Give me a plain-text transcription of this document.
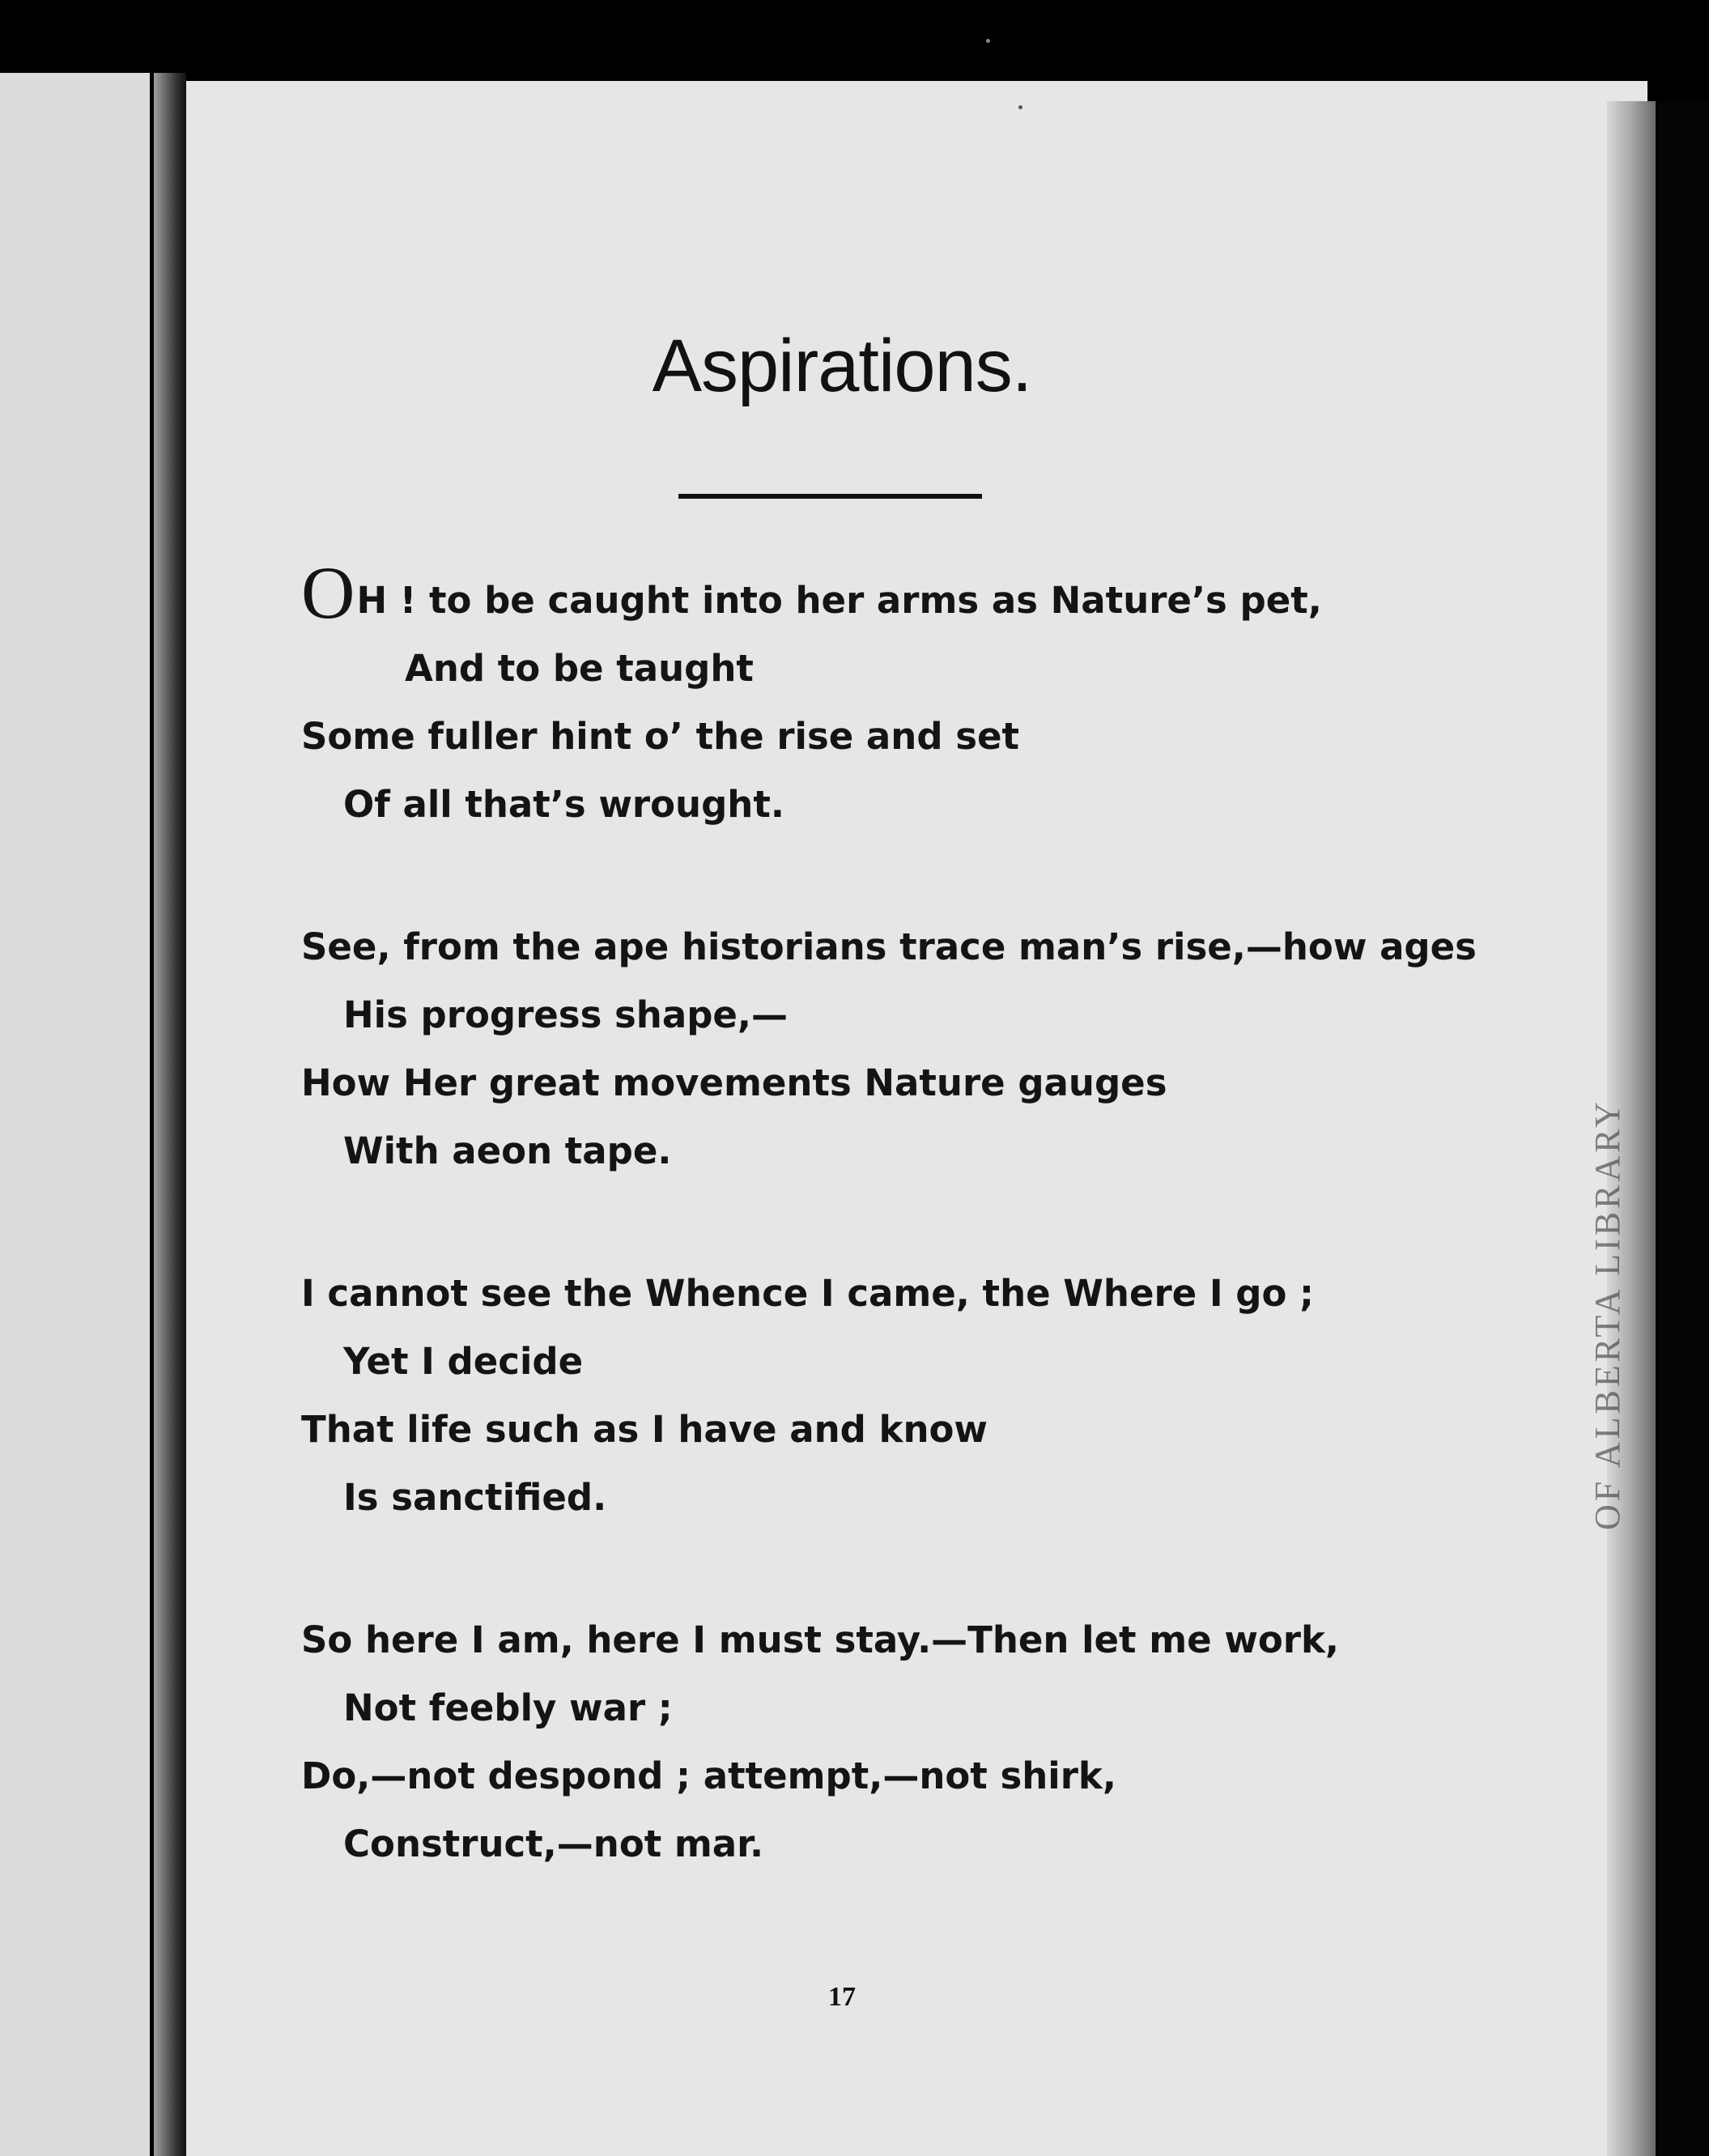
OF ALBERTA LIBRARY
Aspirations.
OH ! to be caught into her arms as Nature’s pet,
And to be taught
Some fuller hint o’ the rise and set
Of all that’s wrought.
See, from the ape historians trace man’s rise,—how ages
His progress shape,—
How Her great movements Nature gauges
With aeon tape.
I cannot see the Whence I came, the Where I go ;
Yet I decide
That life such as I have and know
Is sanctified.
So here I am, here I must stay.—Then let me work,
Not feebly war ;
Do,—not despond ; attempt,—not shirk,
Construct,—not mar.
17
